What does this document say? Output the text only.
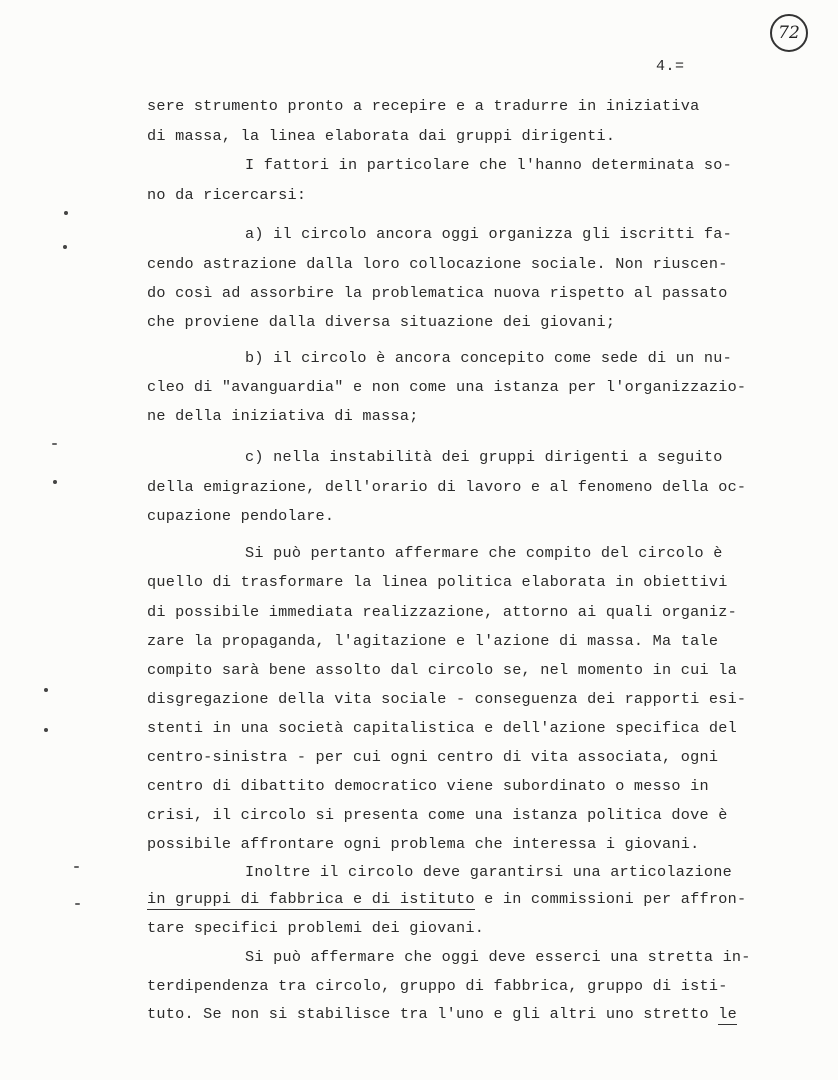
72
4.=
sere strumento pronto a recepire e a tradurre in iniziativa
di massa, la linea elaborata dai gruppi dirigenti.
I fattori in particolare che l'hanno determinata so-
no da ricercarsi:
a) il circolo ancora oggi organizza gli iscritti fa-
cendo astrazione dalla loro collocazione sociale. Non riuscen-
do così ad assorbire la problematica nuova rispetto al passato
che proviene dalla diversa situazione dei giovani;
b) il circolo è ancora concepito come sede di un nu-
cleo di "avanguardia" e non come una istanza per l'organizzazio-
ne della iniziativa di massa;
c) nella instabilità dei gruppi dirigenti a seguito
della emigrazione, dell'orario di lavoro e al fenomeno della oc-
cupazione pendolare.
Si può pertanto affermare che compito del circolo è
quello di trasformare la linea politica elaborata in obiettivi
di possibile immediata realizzazione, attorno ai quali organiz-
zare la propaganda, l'agitazione e l'azione di massa. Ma tale
compito sarà bene assolto dal circolo se, nel momento in cui la
disgregazione della vita sociale - conseguenza dei rapporti esi-
stenti in una società capitalistica e dell'azione specifica del
centro-sinistra - per cui ogni centro di vita associata, ogni
centro di dibattito democratico viene subordinato o messo in
crisi, il circolo si presenta come una istanza politica dove è
possibile affrontare ogni problema che interessa i giovani.
Inoltre il circolo deve garantirsi una articolazione
in gruppi di fabbrica e di istituto e in commissioni per affron-
tare specifici problemi dei giovani.
Si può affermare che oggi deve esserci una stretta in-
terdipendenza tra circolo, gruppo di fabbrica, gruppo di isti-
tuto. Se non si stabilisce tra l'uno e gli altri uno stretto le
